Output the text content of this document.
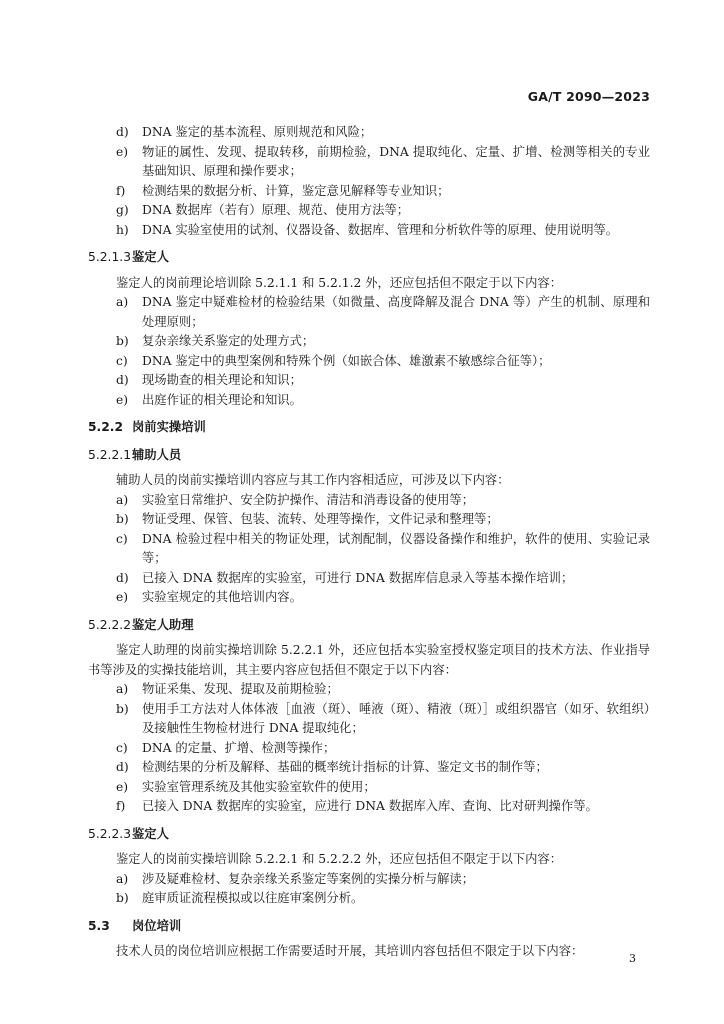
GA/T 2090—2023
d)	DNA 鉴定的基本流程、原则规范和风险；
e)	物证的属性、发现、提取转移，前期检验，DNA 提取纯化、定量、扩增、检测等相关的专业基础知识、原理和操作要求；
f)	检测结果的数据分析、计算，鉴定意见解释等专业知识；
g)	DNA 数据库（若有）原理、规范、使用方法等；
h)	DNA 实验室使用的试剂、仪器设备、数据库、管理和分析软件等的原理、使用说明等。
5.2.1.3鉴定人

鉴定人的岗前理论培训除 5.2.1.1 和 5.2.1.2 外，还应包括但不限定于以下内容：

a)	DNA 鉴定中疑难检材的检验结果（如微量、高度降解及混合 DNA 等）产生的机制、原理和处理原则；
b)	复杂亲缘关系鉴定的处理方式；
c)	DNA 鉴定中的典型案例和特殊个例（如嵌合体、雄激素不敏感综合征等）；
d)	现场勘查的相关理论和知识；
e)	出庭作证的相关理论和知识。
5.2.2 岗前实操培训
5.2.2.1辅助人员

辅助人员的岗前实操培训内容应与其工作内容相适应，可涉及以下内容：

a)	实验室日常维护、安全防护操作、清洁和消毒设备的使用等；
b)	物证受理、保管、包装、流转、处理等操作，文件记录和整理等；
c)	DNA 检验过程中相关的物证处理，试剂配制，仪器设备操作和维护，软件的使用、实验记录等；
d)	已接入 DNA 数据库的实验室，可进行 DNA 数据库信息录入等基本操作培训；
e)	实验室规定的其他培训内容。
5.2.2.2鉴定人助理

鉴定人助理的岗前实操培训除 5.2.2.1 外，还应包括本实验室授权鉴定项目的技术方法、作业指导书等涉及的实操技能培训，其主要内容应包括但不限定于以下内容：

a)	物证采集、发现、提取及前期检验；
b)	使用手工方法对人体体液［血液（斑）、唾液（斑）、精液（斑）］或组织器官（如牙、软组织）及接触性生物检材进行 DNA 提取纯化；
c)	DNA 的定量、扩增、检测等操作；
d)	检测结果的分析及解释、基础的概率统计指标的计算、鉴定文书的制作等；
e)	实验室管理系统及其他实验室软件的使用；
f)	已接入 DNA 数据库的实验室，应进行 DNA 数据库入库、查询、比对研判操作等。
5.2.2.3鉴定人

鉴定人的岗前实操培训除 5.2.2.1 和 5.2.2.2 外，还应包括但不限定于以下内容：

a)	涉及疑难检材、复杂亲缘关系鉴定等案例的实操分析与解读；
b)	庭审质证流程模拟或以往庭审案例分析。
5.3 岗位培训

技术人员的岗位培训应根据工作需要适时开展，其培训内容包括但不限定于以下内容：

3
